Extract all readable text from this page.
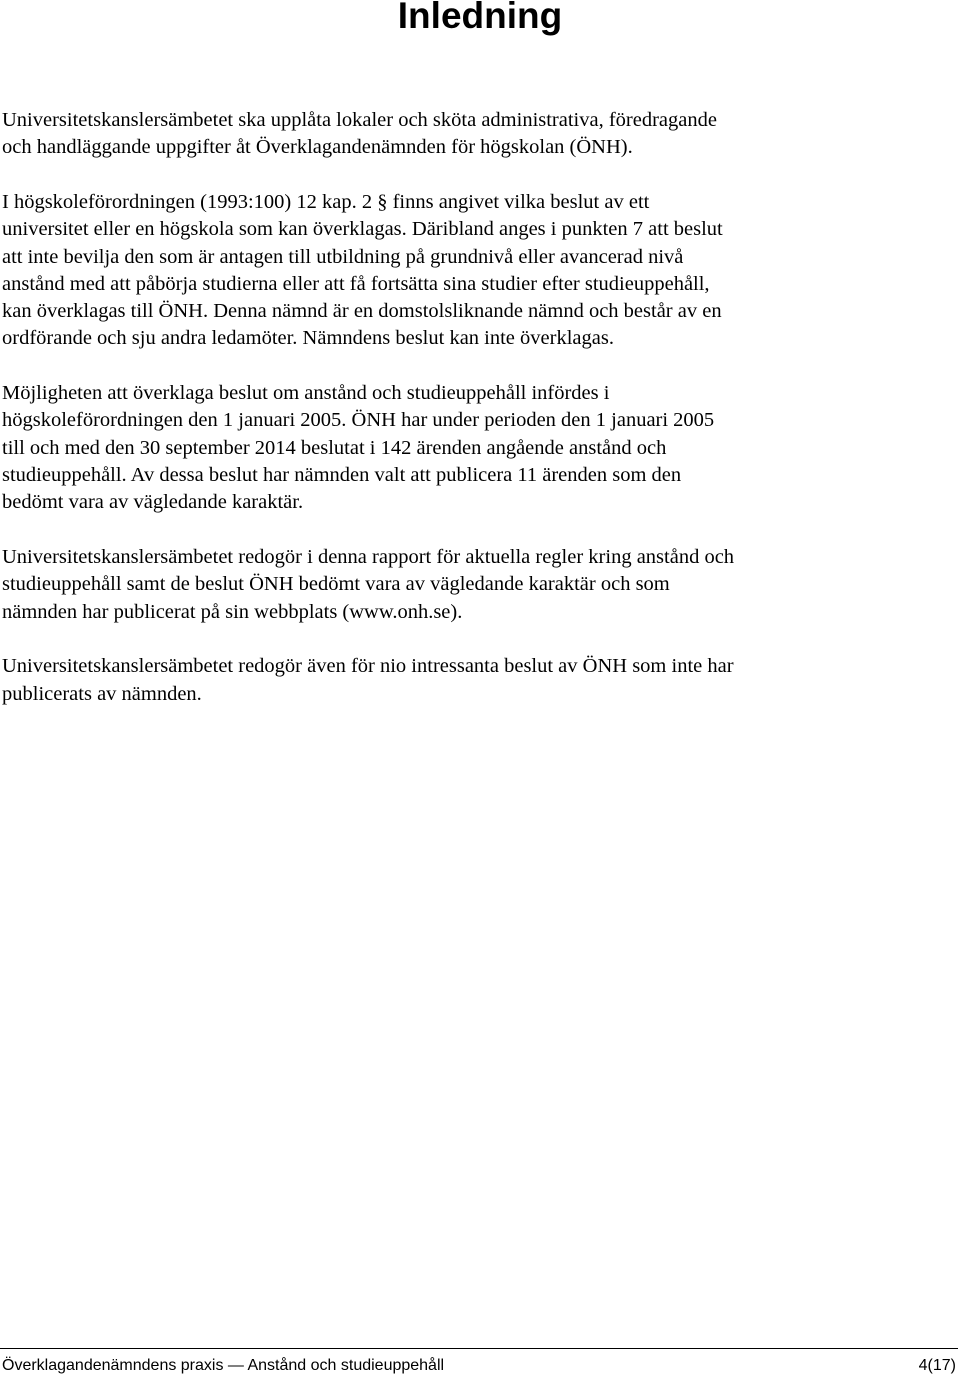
Inledning

Universitetskanslersämbetet ska upplåta lokaler och sköta administrativa, föredragande
och handläggande uppgifter åt Överklagandenämnden för högskolan (ÖNH).

I högskoleförordningen (1993:100) 12 kap. 2 § finns angivet vilka beslut av ett
universitet eller en högskola som kan överklagas. Däribland anges i punkten 7 att beslut
att inte bevilja den som är antagen till utbildning på grundnivå eller avancerad nivå
anstånd med att påbörja studierna eller att få fortsätta sina studier efter studieuppehåll,
kan överklagas till ÖNH. Denna nämnd är en domstolsliknande nämnd och består av en
ordförande och sju andra ledamöter. Nämndens beslut kan inte överklagas.

Möjligheten att överklaga beslut om anstånd och studieuppehåll infördes i
högskoleförordningen den 1 januari 2005. ÖNH har under perioden den 1 januari 2005
till och med den 30 september 2014 beslutat i 142 ärenden angående anstånd och
studieuppehåll. Av dessa beslut har nämnden valt att publicera 11 ärenden som den
bedömt vara av vägledande karaktär.

Universitetskanslersämbetet redogör i denna rapport för aktuella regler kring anstånd och
studieuppehåll samt de beslut ÖNH bedömt vara av vägledande karaktär och som
nämnden har publicerat på sin webbplats (www.onh.se).

Universitetskanslersämbetet redogör även för nio intressanta beslut av ÖNH som inte har
publicerats av nämnden.

Överklagandenämndens praxis — Anstånd och studieuppehåll	4(17)
